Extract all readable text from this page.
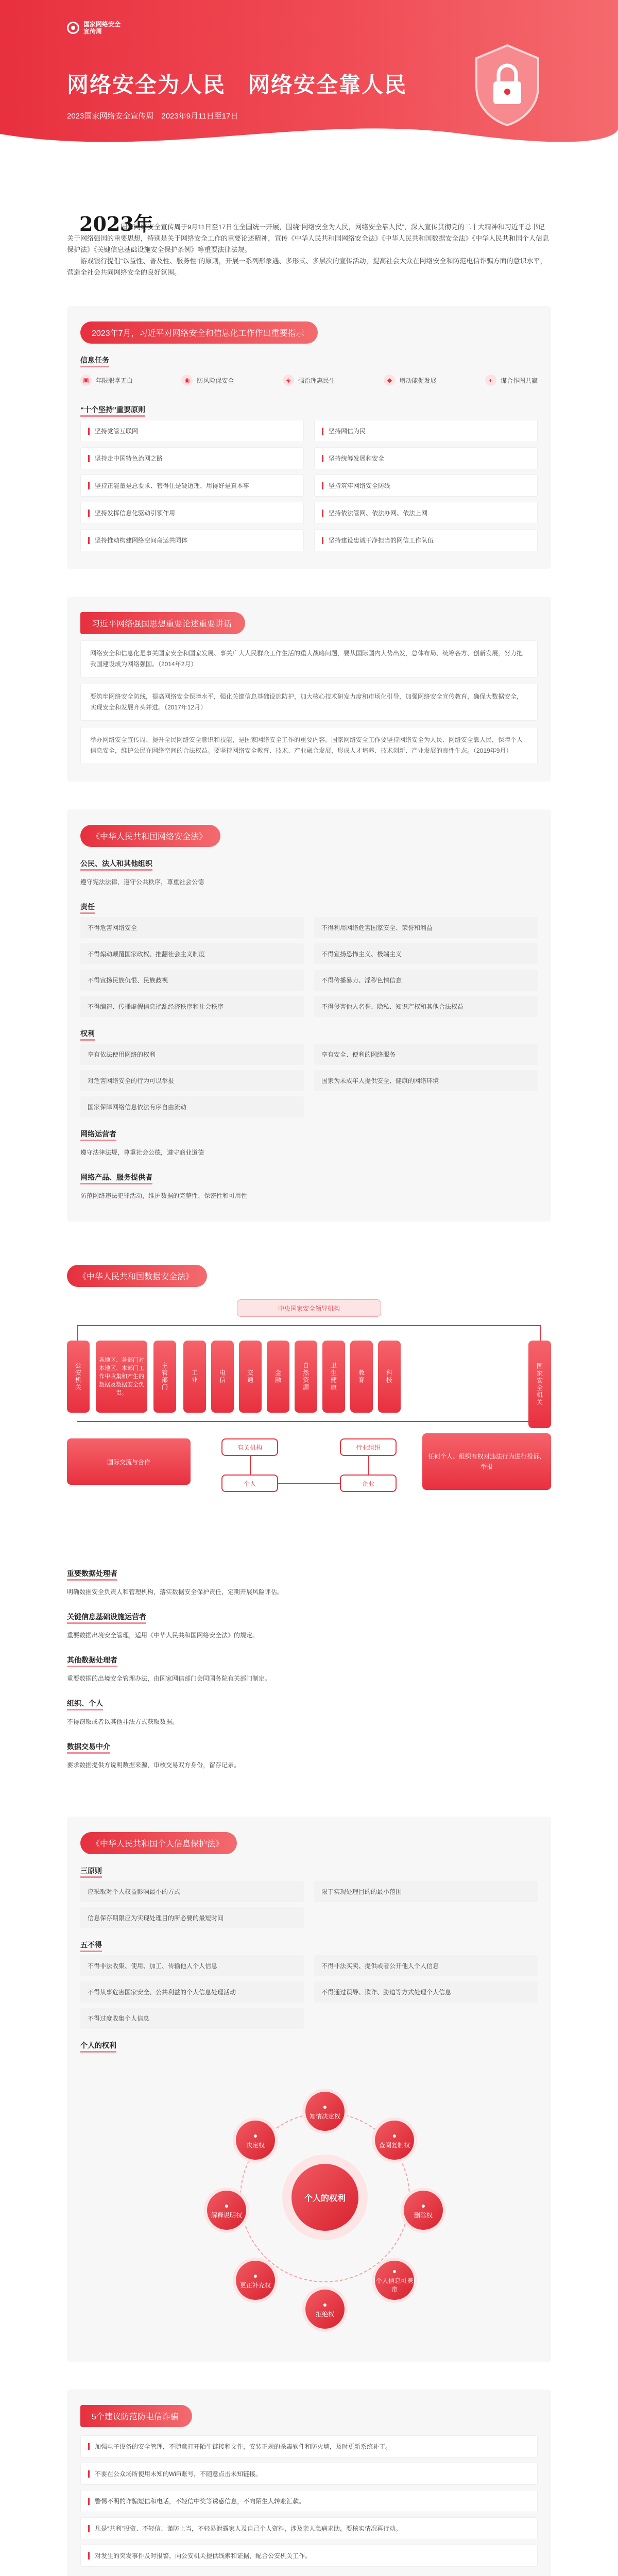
国家网络安全
宣传周
网络安全为人民　网络安全靠人民
2023国家网络安全宣传周　2023年9月11日至17日
2023年

国家网络安全宣传周于9月11日至17日在全国统一开展，围绕“网络安全为人民，网络安全靠人民”，深入宣传贯彻党的二十大精神和习近平总书记关于网络强国的重要思想，特别是关于网络安全工作的重要论述精神，宣传《中华人民共和国网络安全法》《中华人民共和国数据安全法》《中华人民共和国个人信息保护法》《关键信息基础设施安全保护条例》等重要法律法规。

游戏银行提倡“以益性、普及性、服务性”的原则，开展一系列形象遇、多形式、多层次的宣传活动，提高社会大众在网络安全和防范电信诈骗方面的意识水平，营造全社会共同网络安全的良好氛围。

2023年7月，习近平对网络安全和信息化工作作出重要指示
信息任务
▣	年限职掌无白	◉	防风险保安全	◈	强治理惠民生	◆	增动能促发展	◐	谋合作图共赢
“十个坚持”重要原则
坚持党管互联网	坚持网信为民
坚持走中国特色治网之路	坚持统筹发展和安全
坚持正能量是总要求、管得住是硬道理、用得好是真本事	坚持筑牢网络安全防线
坚持发挥信息化驱动引领作用	坚持依法管网、依法办网、依法上网
坚持推动构建网络空间命运共同体	坚持建设忠诚干净担当的网信工作队伍
习近平网络强国思想重要论述重要讲话
网络安全和信息化是事关国家安全和国家发展、事关广大人民群众工作生活的重大战略问题，要从国际国内大势出发，总体布局、统筹各方、创新发展，努力把我国建设成为网络强国。（2014年2月）
要筑牢网络安全防线，提高网络安全保障水平，强化关键信息基础设施防护，加大核心技术研发力度和市场化引导，加强网络安全宣传教育，确保大数据安全，实现安全和发展齐头并进。（2017年12月）
举办网络安全宣传周、提升全民网络安全意识和技能，是国家网络安全工作的重要内容。国家网络安全工作要坚持网络安全为人民、网络安全靠人民，保障个人信息安全，维护公民在网络空间的合法权益。要坚持网络安全教育、技术、产业融合发展，形成人才培养、技术创新、产业发展的良性生态。（2019年9月）
《中华人民共和国网络安全法》
公民、法人和其他组织
遵守宪法法律，遵守公共秩序，尊重社会公德
责任
不得危害网络安全	不得利用网络危害国家安全、荣誉和利益
不得煽动颠覆国家政权、推翻社会主义制度	不得宣扬恐怖主义、极端主义
不得宣扬民族仇恨、民族歧视	不得传播暴力、淫秽色情信息
不得编造、传播虚假信息扰乱经济秩序和社会秩序	不得侵害他人名誉、隐私、知识产权和其他合法权益
权利
享有依法使用网络的权利	享有安全、便利的网络服务
对危害网络安全的行为可以举报	国家为未成年人提供安全、健康的网络环境
国家保障网络信息依法有序自由流动
网络运营者
遵守法律法规，尊重社会公德，遵守商业道德
网络产品、服务提供者
防范网络违法犯罪活动，维护数据的完整性、保密性和可用性
《中华人民共和国数据安全法》
中央国家安全领导机构
公安机关
各地区、各部门对本地区、本部门工作中收集和产生的数据及数据安全负责。
主管部门	工业	电信	交通	金融	自然资源	卫生健康	教育	科技	国家安全机关
国际交流与合作
有关机构	行业组织
个人	企业
任何个人、组织有权对违法行为进行投诉、举报
重要数据处理者
明确数据安全负责人和管理机构，落实数据安全保护责任，定期开展风险评估。
关键信息基础设施运营者
重要数据出境安全管理，适用《中华人民共和国网络安全法》的规定。
其他数据处理者
重要数据的出境安全管理办法，由国家网信部门会同国务院有关部门制定。
组织、个人
不得窃取或者以其他非法方式获取数据。
数据交易中介
要求数据提供方说明数据来源，审核交易双方身份，留存记录。
《中华人民共和国个人信息保护法》
三原则
应采取对个人权益影响最小的方式	限于实现处理目的的最小范围
信息保存期限应为实现处理目的所必要的最短时间
五不得
不得非法收集、使用、加工、传输他人个人信息	不得非法买卖、提供或者公开他人个人信息
不得从事危害国家安全、公共利益的个人信息处理活动	不得通过误导、欺诈、胁迫等方式处理个人信息
不得过度收集个人信息
个人的权利
个人的权利
●
知情决定权
●
查阅复制权
●
删除权
●
个人信息可携带
●
拒绝权
●
更正补充权
●
解释说明权
●
决定权
5个建议防范防电信诈骗
加强电子设备的安全管理，不随意打开陌生链接和文件，安装正规的杀毒软件和防火墙，及时更新系统补丁。
不要在公众场所使用未知的WiFi账号，不随意点击未知链接。
警惕不明的诈骗短信和电话，不轻信中奖等诱惑信息，不向陌生人转账汇款。
凡是“共利”投资、不轻信、谨防上当，不轻易泄露家人及自己个人资料，涉及亲人急病求助，要核实情况再行动。
对发生的突发事件及时报警，向公安机关提供线索和证据，配合公安机关工作。
